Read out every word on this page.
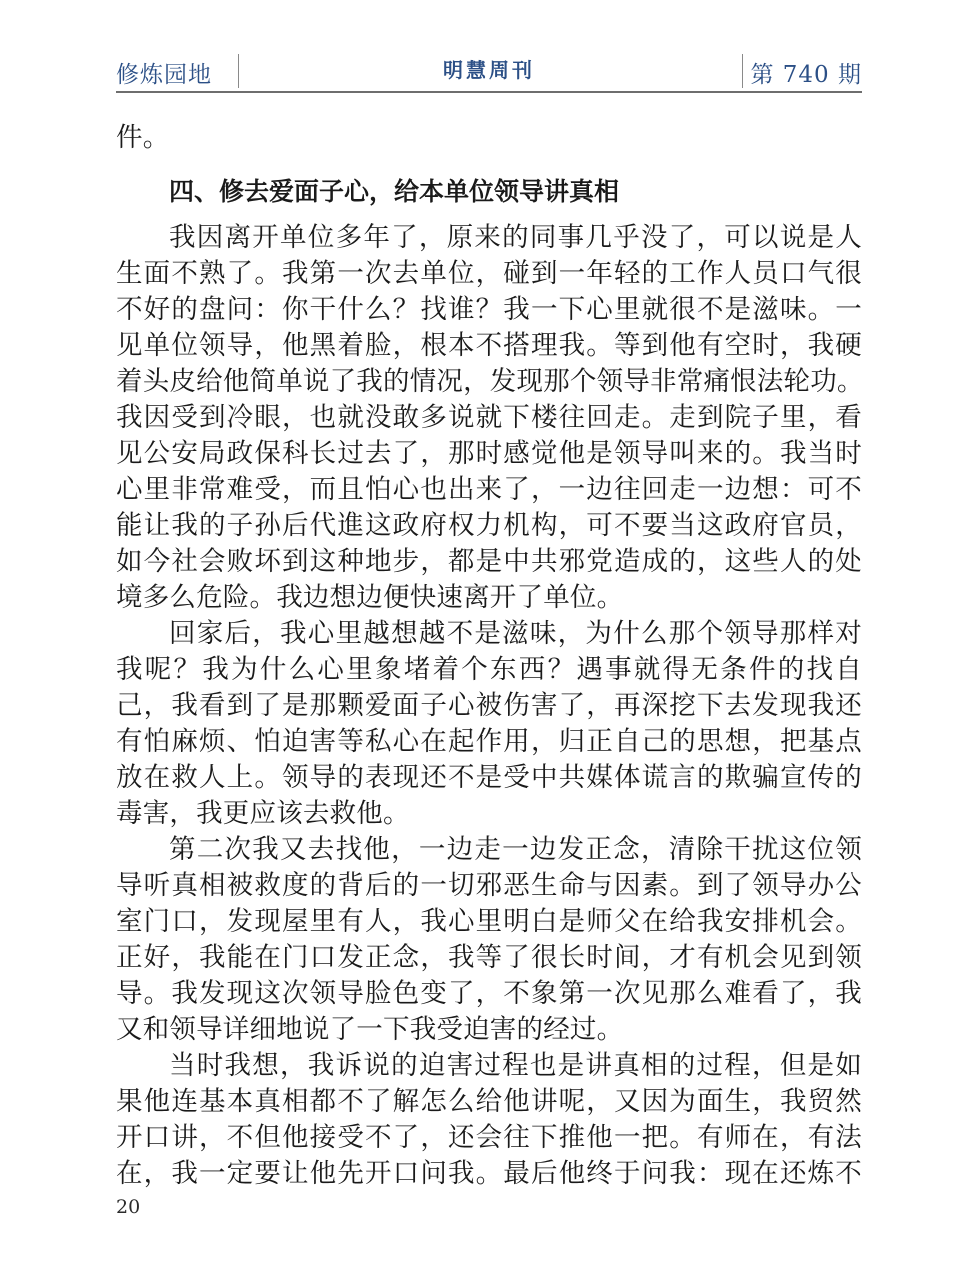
修炼园地	明慧周刊	第 740 期
件。
四、修去爱面子心，给本单位领导讲真相
我因离开单位多年了，原来的同事几乎没了，可以说是人
生面不熟了。我第一次去单位，碰到一年轻的工作人员口气很
不好的盘问：你干什么？找谁？我一下心里就很不是滋味。一
见单位领导，他黑着脸，根本不搭理我。等到他有空时，我硬
着头皮给他简单说了我的情况，发现那个领导非常痛恨法轮功。
我因受到冷眼，也就没敢多说就下楼往回走。走到院子里，看
见公安局政保科长过去了，那时感觉他是领导叫来的。我当时
心里非常难受，而且怕心也出来了，一边往回走一边想：可不
能让我的子孙后代進这政府权力机构，可不要当这政府官员，
如今社会败坏到这种地步，都是中共邪党造成的，这些人的处
境多么危险。我边想边便快速离开了单位。
回家后，我心里越想越不是滋味，为什么那个领导那样对
我呢？我为什么心里象堵着个东西？遇事就得无条件的找自
己，我看到了是那颗爱面子心被伤害了，再深挖下去发现我还
有怕麻烦、怕迫害等私心在起作用，归正自己的思想，把基点
放在救人上。领导的表现还不是受中共媒体谎言的欺骗宣传的
毒害，我更应该去救他。
第二次我又去找他，一边走一边发正念，清除干扰这位领
导听真相被救度的背后的一切邪恶生命与因素。到了领导办公
室门口，发现屋里有人，我心里明白是师父在给我安排机会。
正好，我能在门口发正念，我等了很长时间，才有机会见到领
导。我发现这次领导脸色变了，不象第一次见那么难看了，我
又和领导详细地说了一下我受迫害的经过。
当时我想，我诉说的迫害过程也是讲真相的过程，但是如
果他连基本真相都不了解怎么给他讲呢，又因为面生，我贸然
开口讲，不但他接受不了，还会往下推他一把。有师在，有法
在，我一定要让他先开口问我。最后他终于问我：现在还炼不
20
